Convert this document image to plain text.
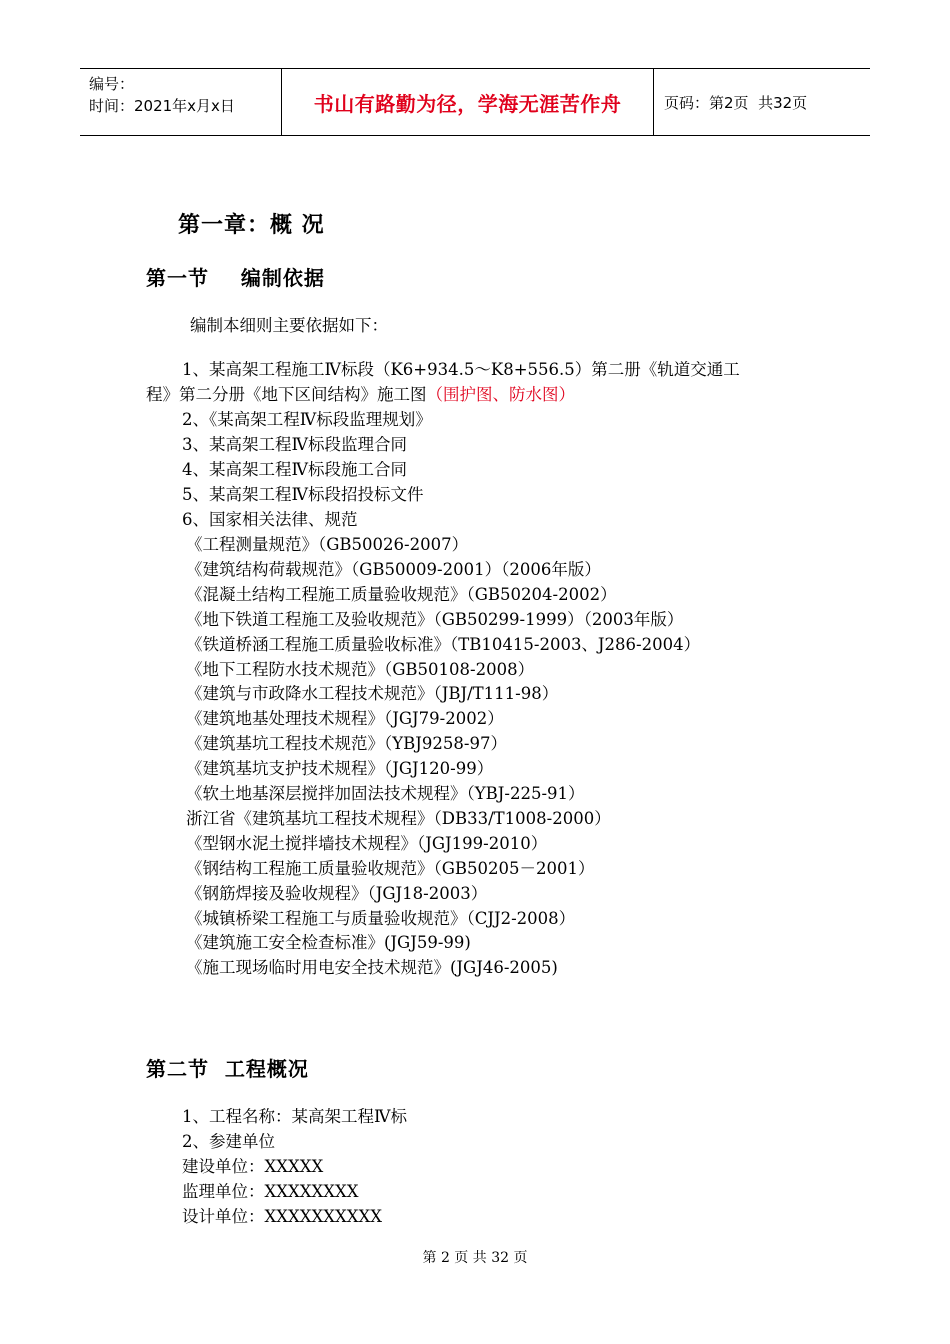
编号：
时间：2021年x月x日	书山有路勤为径，学海无涯苦作舟	页码：第2页  共32页
第一章：概 况
第一节    编制依据
编制本细则主要依据如下：
1、某高架工程施工Ⅳ标段（K6+934.5～K8+556.5）第二册《轨道交通工
程》第二分册《地下区间结构》施工图（围护图、防水图）
2、《某高架工程Ⅳ标段监理规划》
3、某高架工程Ⅳ标段监理合同
4、某高架工程Ⅳ标段施工合同
5、某高架工程Ⅳ标段招投标文件
6、国家相关法律、规范
《工程测量规范》（GB50026-2007）
《建筑结构荷载规范》（GB50009-2001）（2006年版）
《混凝土结构工程施工质量验收规范》（GB50204-2002）
《地下铁道工程施工及验收规范》（GB50299-1999）（2003年版）
《铁道桥涵工程施工质量验收标准》（TB10415-2003、J286-2004）
《地下工程防水技术规范》（GB50108-2008）
《建筑与市政降水工程技术规范》（JBJ/T111-98）
《建筑地基处理技术规程》（JGJ79-2002）
《建筑基坑工程技术规范》（YBJ9258-97）
《建筑基坑支护技术规程》（JGJ120-99）
《软土地基深层搅拌加固法技术规程》（YBJ-225-91）
浙江省《建筑基坑工程技术规程》（DB33/T1008-2000）
《型钢水泥土搅拌墙技术规程》（JGJ199-2010）
《钢结构工程施工质量验收规范》（GB50205－2001）
《钢筋焊接及验收规程》（JGJ18-2003）
《城镇桥梁工程施工与质量验收规范》（CJJ2-2008）
《建筑施工安全检查标准》(JGJ59-99)
《施工现场临时用电安全技术规范》(JGJ46-2005)
第二节  工程概况
1、工程名称：某高架工程Ⅳ标
2、参建单位
建设单位：XXXXX
监理单位：XXXXXXXX
设计单位：XXXXXXXXXX
第 2 页 共 32 页
